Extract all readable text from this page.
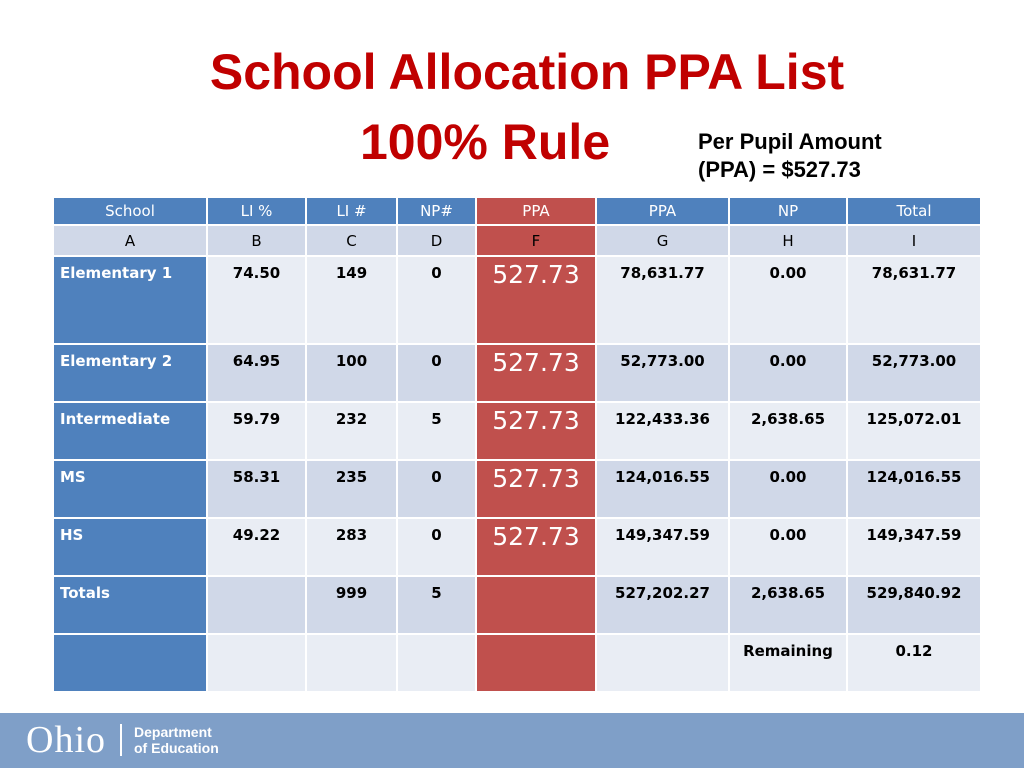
School Allocation PPA List
100% Rule	Per Pupil Amount
(PPA) = $527.73
School	LI %	LI #	NP#	PPA	PPA	NP	Total
A	B	C	D	F	G	H	I
Elementary 1	74.50	149	0	527.73	78,631.77	0.00	78,631.77
Elementary 2	64.95	100	0	527.73	52,773.00	0.00	52,773.00
Intermediate	59.79	232	5	527.73	122,433.36	2,638.65	125,072.01
MS	58.31	235	0	527.73	124,016.55	0.00	124,016.55
HS	49.22	283	0	527.73	149,347.59	0.00	149,347.59
Totals		999	5		527,202.27	2,638.65	529,840.92
						Remaining	0.12
Ohio Department
of Education
